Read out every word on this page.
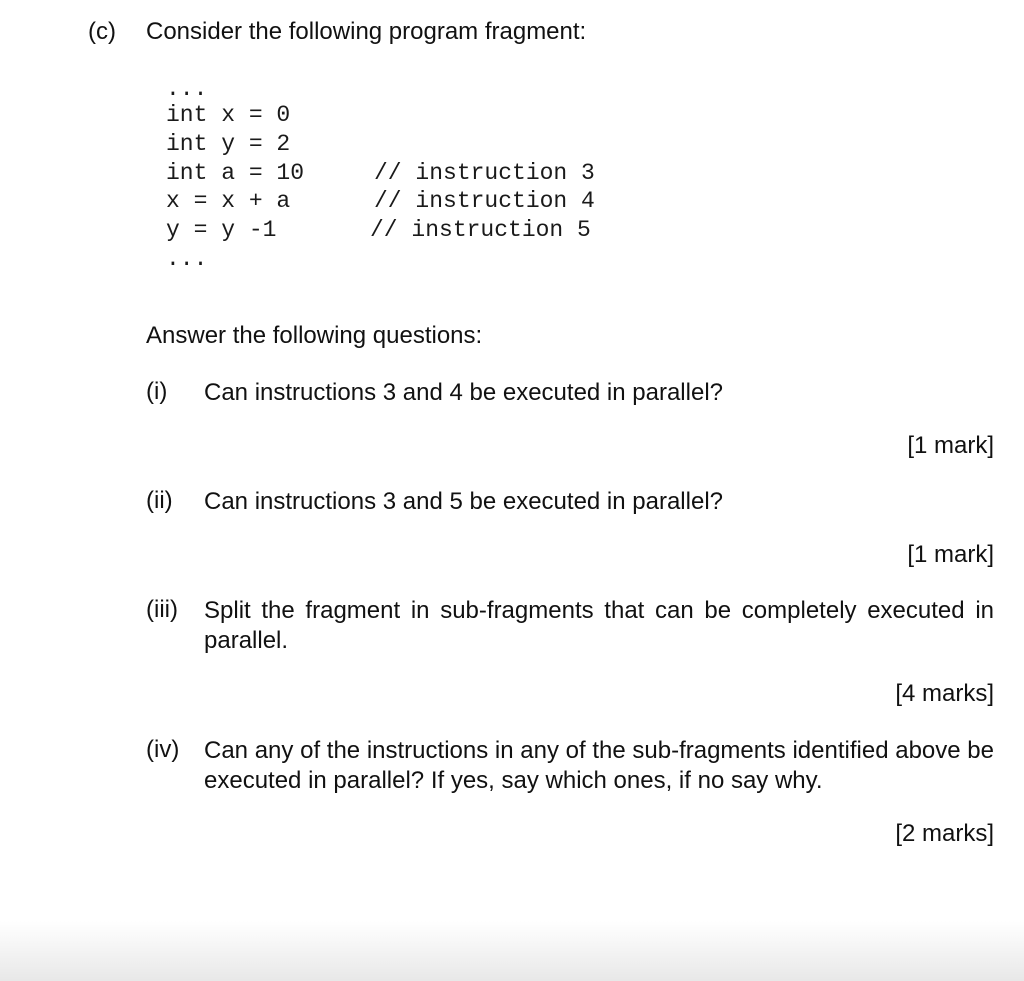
(c) Consider the following program fragment:
...
int x = 0
int y = 2
int a = 10	// instruction 3
x = x + a	// instruction 4
y = y -1	// instruction 5
...
Answer the following questions:
(i) Can instructions 3 and 4 be executed in parallel?
[1 mark]
(ii) Can instructions 3 and 5 be executed in parallel?
[1 mark]
(iii) Split the fragment in sub-fragments that can be completely executed in parallel.
[4 marks]
(iv) Can any of the instructions in any of the sub-fragments identified above be executed in parallel? If yes, say which ones, if no say why.
[2 marks]
